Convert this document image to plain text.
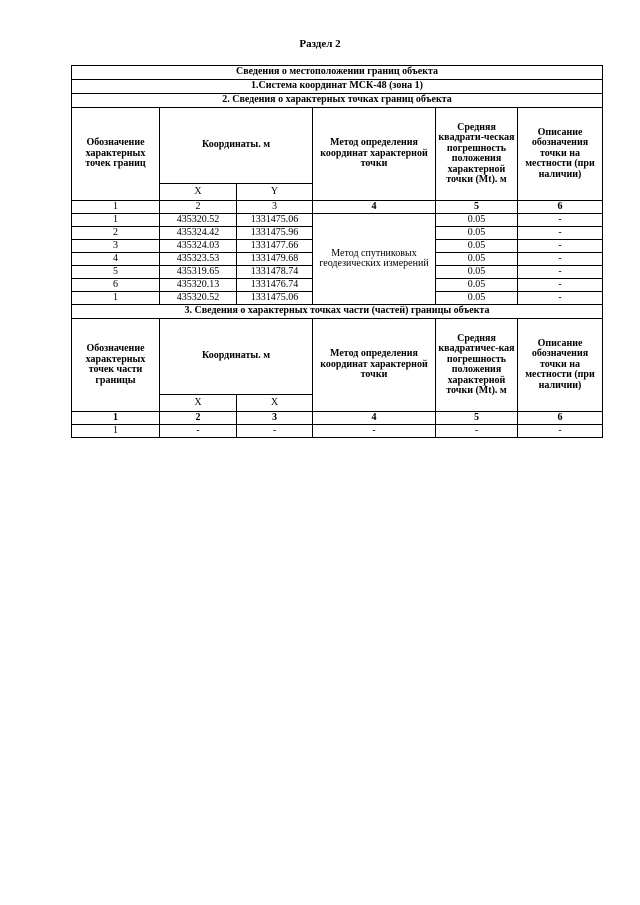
Раздел 2
Сведения о местоположении границ объекта					
1.Система координат МСК-48 (зона 1)					
2. Сведения о характерных точках границ объекта					
Обозначение характерных точек границ	Координаты. м		Метод определения координат характерной точки	Средняя квадрати-ческая погрешность положения характерной точки (Mt). м	Описание обозначения точки на местности (при наличии)
	X	Y			
1	2	3	4	5	6
1	435320.52	1331475.06	Метод спутниковых геодезических измерений	0.05	-
2	435324.42	1331475.96		0.05	-
3	435324.03	1331477.66		0.05	-
4	435323.53	1331479.68		0.05	-
5	435319.65	1331478.74		0.05	-
6	435320.13	1331476.74		0.05	-
1	435320.52	1331475.06		0.05	-
3. Сведения о характерных точках части (частей) границы объекта					
Обозначение характерных точек части границы	Координаты. м		Метод определения координат характерной точки	Средняя квадратичес-кая погрешность положения характерной точки (Mt). м	Описание обозначения точки на местности (при наличии)
	X	X			
1	2	3	4	5	6
1	-	-	-	-	-
